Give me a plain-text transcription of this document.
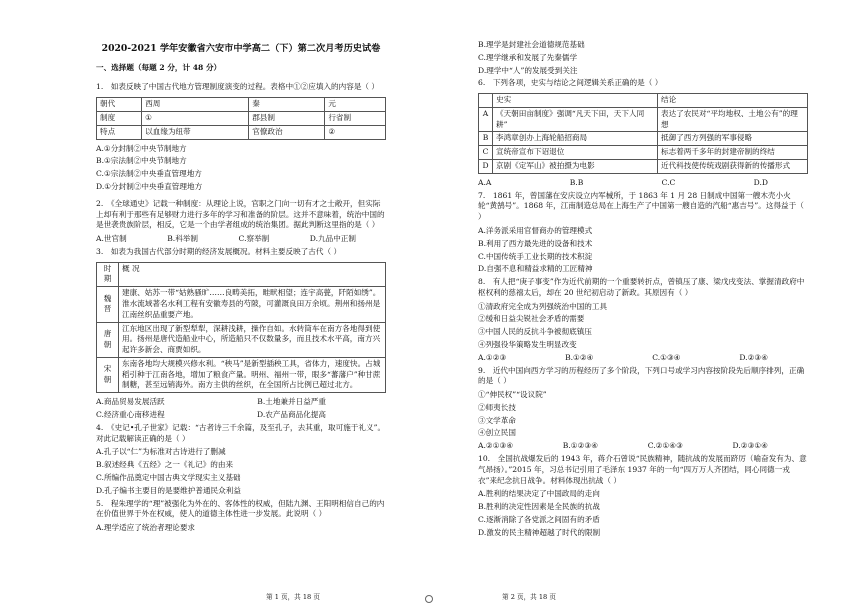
2020-2021 学年安徽省六安市中学高二（下）第二次月考历史试卷
一、选择题（每题 2 分，计 48 分）
1.　如表反映了中国古代地方管理制度演变的过程。表格中①②应填入的内容是（ ）
朝代	西周	秦	元
制度	①	郡县制	行省制
特点	以血缘为纽带	官僚政治	②
A.①分封制②中央节制地方
B.①宗法制②中央节制地方
C.①宗法制②中央垂直管理地方
D.①分封制②中央垂直管理地方
2.　《全球通史》记载一种制度：从理论上说，官职之门向一切有才之士敞开，但实际上却有利于那些有足够财力进行多年的学习和准备的阶层。这并不意味着，统治中国的是世袭贵族阶层，相反，它是一个由学者组成的统治集团。据此判断这里指的是（ ）
A.世官制	B.科举制	C.察举制	D.九品中正制
3.　如表为我国古代部分时期的经济发展概况。材料主要反映了古代（ ）
时期	概 况
魏晋	建康、姑苏一带“姑熟骚旷……良畴美拓，畦畎相望；连宇高甍，阡陌如绣”。淮水流域著名水利工程有安徽寿县的芍陂，可灌溉良田万余顷。荆州和扬州是江南丝织品重要产地。
唐朝	江东地区出现了新型犁犁，深耕浅耕，操作自如。水转筒车在南方各地得到使用。扬州是唐代造船业中心，所造船只不仅数量多，而且技术水平高，南方兴起许多新会、商贾如织。
宋朝	东南各地均大规模兴修水利。“秧马”是新型插秧工具，省体力，速度快。占城稻引种于江南各地，增加了粮食产量。明州、福州一带，眼多“蕃藩户”种甘蔗制糖，甚至远销海外。南方主供的丝织，在全国所占比例已超过北方。
A.商品贸易发展活跃	B.土地兼并日益严重
C.经济重心南移进程	D.农产品商品化提高
4.　《史记•孔子世家》记载：“古者诗三千余篇，及至孔子，去其重，取可施于礼义”。对此记载解读正确的是（ ）
A.孔子以“仁”为标准对古诗进行了删减
B.叙述经典《五经》之一《礼记》的由来
C.所编作品奠定中国古典文学现实主义基础
D.孔子编书主要目的是要维护普通民众利益
5.　程朱理学的“理”被强化为外在的、客体性的权威，但陆九渊、王阳明相信自己的内在价值世界于外在权威，使人的道德主体性进一步发展。此说明（ ）
A.理学适应了统治者理论要求
第 1 页，共 18 页
B.理学是封建社会道德规范基础
C.理学继承和发展了先秦儒学
D.理学中“人”的发展受到关注
6.　下列各项，史实与结论之间逻辑关系正确的是（ ）
	史实	结论
A	《天朝田亩制度》强调“凡天下田，天下人同耕”	表达了农民对“平均地权、土地公有”的理想
B	李鸿章创办上海轮船招商局	抵御了西方列强的军事侵略
C	宣统帝宣布下诏退位	标志着两千多年的封建帝制的终结
D	京剧《定军山》被拍摄为电影	近代科技使传统戏剧获得新的传播形式
A.A	B.B	C.C	D.D
7.　1861 年，曾国藩在安庆设立内军械所，于 1863 年 1 月 28 日制成中国第一艘木壳小火轮“黄鹄号”。1868 年，江南制造总局在上海生产了中国第一艘自造的汽船“惠吉号”。这得益于（ ）
A.洋务派采用官督商办的管理模式
B.利用了西方最先进的设备和技术
C.中国传统手工业长期的技术积淀
D.自强不息和精益求精的工匠精神
8.　有人把“庚子事变”作为近代前期的一个重要转折点，曾镇压了康、梁戊戌变法、掌握清政府中枢权利的慈禧太后，却在 20 世纪初启动了新政。其原因有（ ）
①清政府完全成为列强统治中国的工具
②缓和日益尖锐社会矛盾的需要
③中国人民的反抗斗争被彻底镇压
④列强役华策略发生明显改变
A.①②③	B.①②④	C.①③④	D.②③④
9.　近代中国向西方学习的历程经历了多个阶段，下列口号或学习内容按阶段先后顺序排列，正确的是（ ）
①“伸民权”“设议院”
②师夷长技
③文学革命
④创立民国
A.②①③④	B.①②③④	C.②①④③	D.②③①④
10.　全国抗战爆发后的 1943 年，蒋介石曾说“民族精神，随抗战的发展而跻厉（喻奋发有为、意气昂扬）。”2015 年，习总书记引用了毛泽东 1937 年的一句“四万万人齐团结，同心同德一戎衣”来纪念抗日战争。材料体现出抗战（ ）
A.胜利的结果决定了中国政局的走向
B.胜利的决定性因素是全民族的抗战
C.逐渐消除了各党派之间固有的矛盾
D.激发的民主精神超越了时代的限制
第 2 页，共 18 页
